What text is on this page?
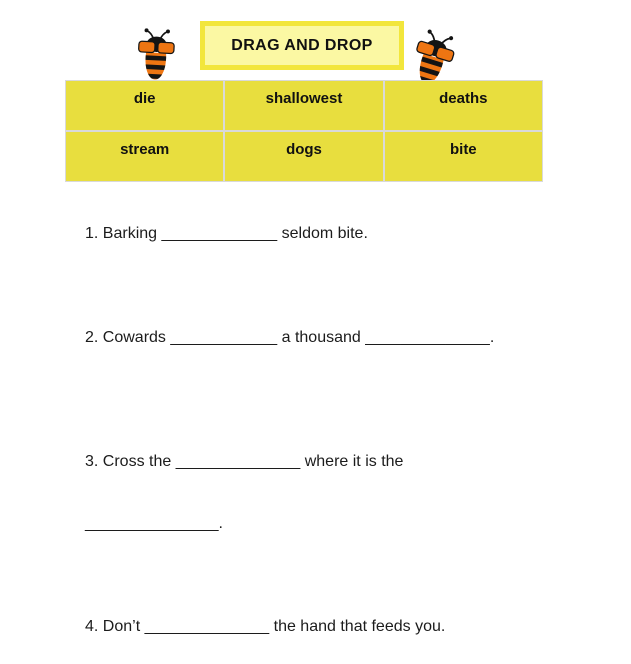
DRAG AND DROP
die	shallowest	deaths
stream	dogs	bite
1. Barking _____________ seldom bite.
2. Cowards ____________ a thousand ______________.
3. Cross the ______________ where it is the
_______________.
4. Don’t ______________ the hand that feeds you.
